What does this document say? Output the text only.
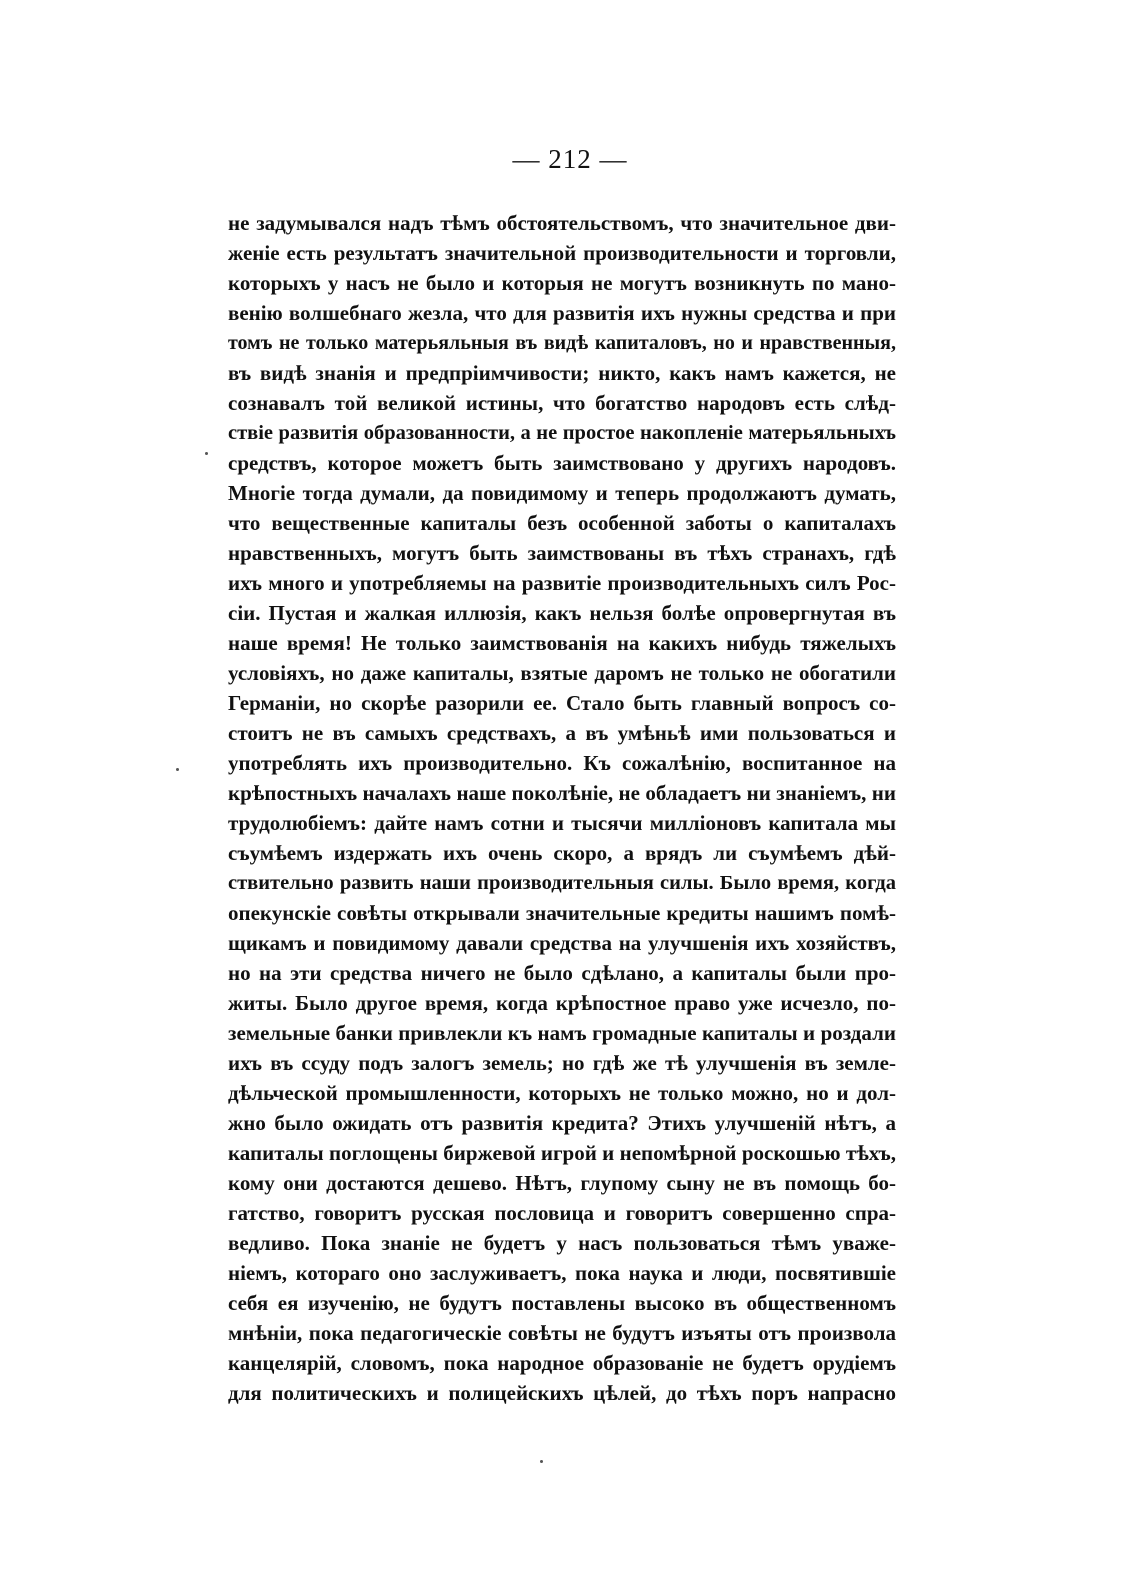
— 212 —
не задумывался надъ тѣмъ обстоятельствомъ, что значительное дви-
женіе есть результатъ значительной производительности и торговли,
которыхъ у насъ не было и которыя не могутъ возникнуть по мано-
венію волшебнаго жезла, что для развитія ихъ нужны средства и при
томъ не только матерьяльныя въ видѣ капиталовъ, но и нравственныя,
въ видѣ знанія и предпріимчивости; никто, какъ намъ кажется, не
сознавалъ той великой истины, что богатство народовъ есть слѣд-
ствіе развитія образованности, а не простое накопленіе матерьяльныхъ
средствъ, которое можетъ быть заимствовано у другихъ народовъ.
Многіе тогда думали, да повидимому и теперь продолжаютъ думать,
что вещественные капиталы безъ особенной заботы о капиталахъ
нравственныхъ, могутъ быть заимствованы въ тѣхъ странахъ, гдѣ
ихъ много и употребляемы на развитіе производительныхъ силъ Рос-
сіи. Пустая и жалкая иллюзія, какъ нельзя болѣе опровергнутая въ
наше время! Не только заимствованія на какихъ нибудь тяжелыхъ
условіяхъ, но даже капиталы, взятые даромъ не только не обогатили
Германіи, но скорѣе разорили ее. Стало быть главный вопросъ со-
стоитъ не въ самыхъ средствахъ, а въ умѣньѣ ими пользоваться и
употреблять ихъ производительно. Къ сожалѣнію, воспитанное на
крѣпостныхъ началахъ наше поколѣніе, не обладаетъ ни знаніемъ, ни
трудолюбіемъ: дайте намъ сотни и тысячи милліоновъ капитала мы
съумѣемъ издержать ихъ очень скоро, а врядъ ли съумѣемъ дѣй-
ствительно развить наши производительныя силы. Было время, когда
опекунскіе совѣты открывали значительные кредиты нашимъ помѣ-
щикамъ и повидимому давали средства на улучшенія ихъ хозяйствъ,
но на эти средства ничего не было сдѣлано, а капиталы были про-
житы. Было другое время, когда крѣпостное право уже исчезло, по-
земельные банки привлекли къ намъ громадные капиталы и роздали
ихъ въ ссуду подъ залогъ земель; но гдѣ же тѣ улучшенія въ земле-
дѣльческой промышленности, которыхъ не только можно, но и дол-
жно было ожидать отъ развитія кредита? Этихъ улучшеній нѣтъ, а
капиталы поглощены биржевой игрой и непомѣрной роскошью тѣхъ,
кому они достаются дешево. Нѣтъ, глупому сыну не въ помощь бо-
гатство, говоритъ русская пословица и говоритъ совершенно спра-
ведливо. Пока знаніе не будетъ у насъ пользоваться тѣмъ уваже-
ніемъ, котораго оно заслуживаетъ, пока наука и люди, посвятившіе
себя ея изученію, не будутъ поставлены высоко въ общественномъ
мнѣніи, пока педагогическіе совѣты не будутъ изъяты отъ произвола
канцелярій, словомъ, пока народное образованіе не будетъ орудіемъ
для политическихъ и полицейскихъ цѣлей, до тѣхъ поръ напрасно
